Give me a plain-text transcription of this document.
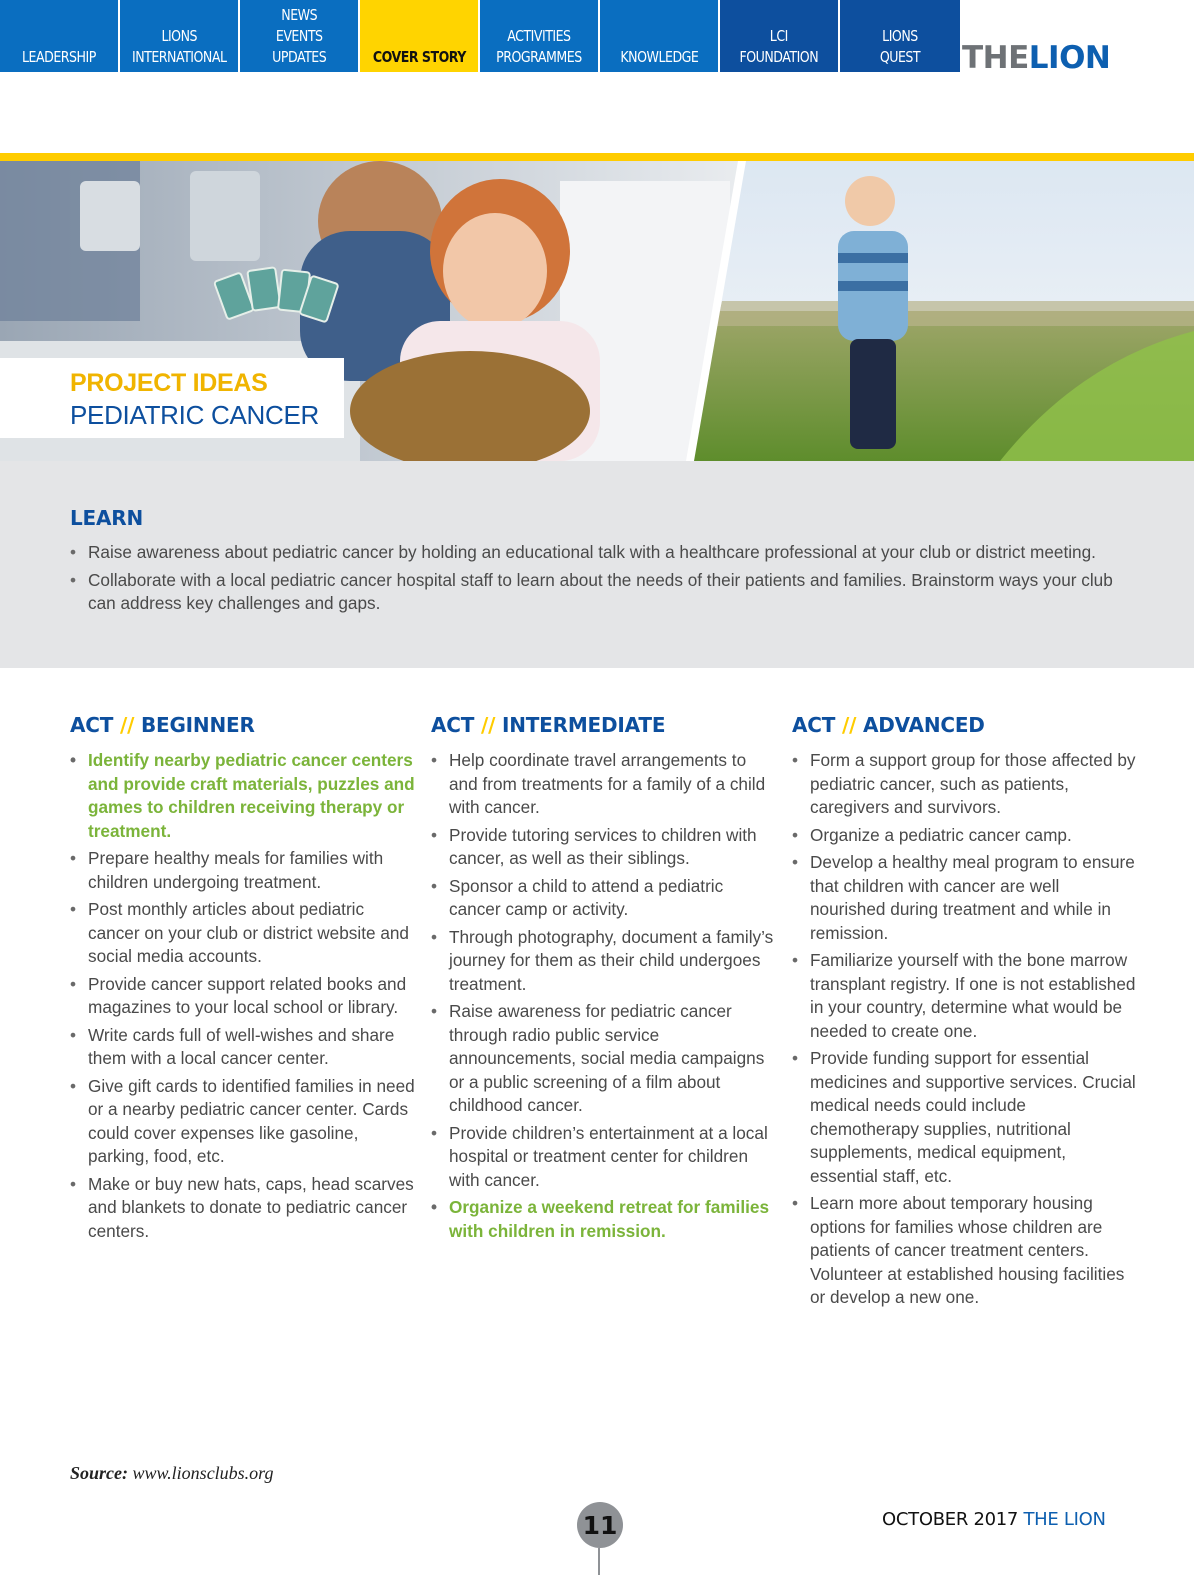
LEADERSHIP
LIONS
INTERNATIONAL
NEWS
EVENTS
UPDATES	COVER STORY
ACTIVITIES
PROGRAMMES	KNOWLEDGE
LCI
FOUNDATION
LIONS
QUEST THELION
PROJECT IDEAS
PEDIATRIC CANCER
LEARN
• Raise awareness about pediatric cancer by holding an educational talk with a healthcare professional at your club or district meeting.
• Collaborate with a local pediatric cancer hospital staff to learn about the needs of their patients and families. Brainstorm ways your club can address key challenges and gaps.
ACT // BEGINNER
• Identify nearby pediatric cancer centers and provide craft materials, puzzles and games to children receiving therapy or treatment.
• Prepare healthy meals for families with children undergoing treatment.
• Post monthly articles about pediatric cancer on your club or district website and social media accounts.
• Provide cancer support related books and magazines to your local school or library.
• Write cards full of well-wishes and share them with a local cancer center.
• Give gift cards to identified families in need or a nearby pediatric cancer center. Cards could cover expenses like gasoline, parking, food, etc.
• Make or buy new hats, caps, head scarves and blankets to donate to pediatric cancer centers.
ACT // INTERMEDIATE
• Help coordinate travel arrangements to and from treatments for a family of a child with cancer.
• Provide tutoring services to children with cancer, as well as their siblings.
• Sponsor a child to attend a pediatric cancer camp or activity.
• Through photography, document a family’s journey for them as their child undergoes treatment.
• Raise awareness for pediatric cancer through radio public service announcements, social media campaigns or a public screening of a film about childhood cancer.
• Provide children’s entertainment at a local hospital or treatment center for children with cancer.
• Organize a weekend retreat for families with children in remission.
ACT // ADVANCED
• Form a support group for those affected by pediatric cancer, such as patients, caregivers and survivors.
• Organize a pediatric cancer camp.
• Develop a healthy meal program to ensure that children with cancer are well nourished during treatment and while in remission.
• Familiarize yourself with the bone marrow transplant registry. If one is not established in your country, determine what would be needed to create one.
• Provide funding support for essential medicines and supportive services. Crucial medical needs could include chemotherapy supplies, nutritional supplements, medical equipment, essential staff, etc.
• Learn more about temporary housing options for families whose children are patients of cancer treatment centers. Volunteer at established housing facilities or develop a new one.
Source: www.lionsclubs.org
11	OCTOBER 2017 THE LION
